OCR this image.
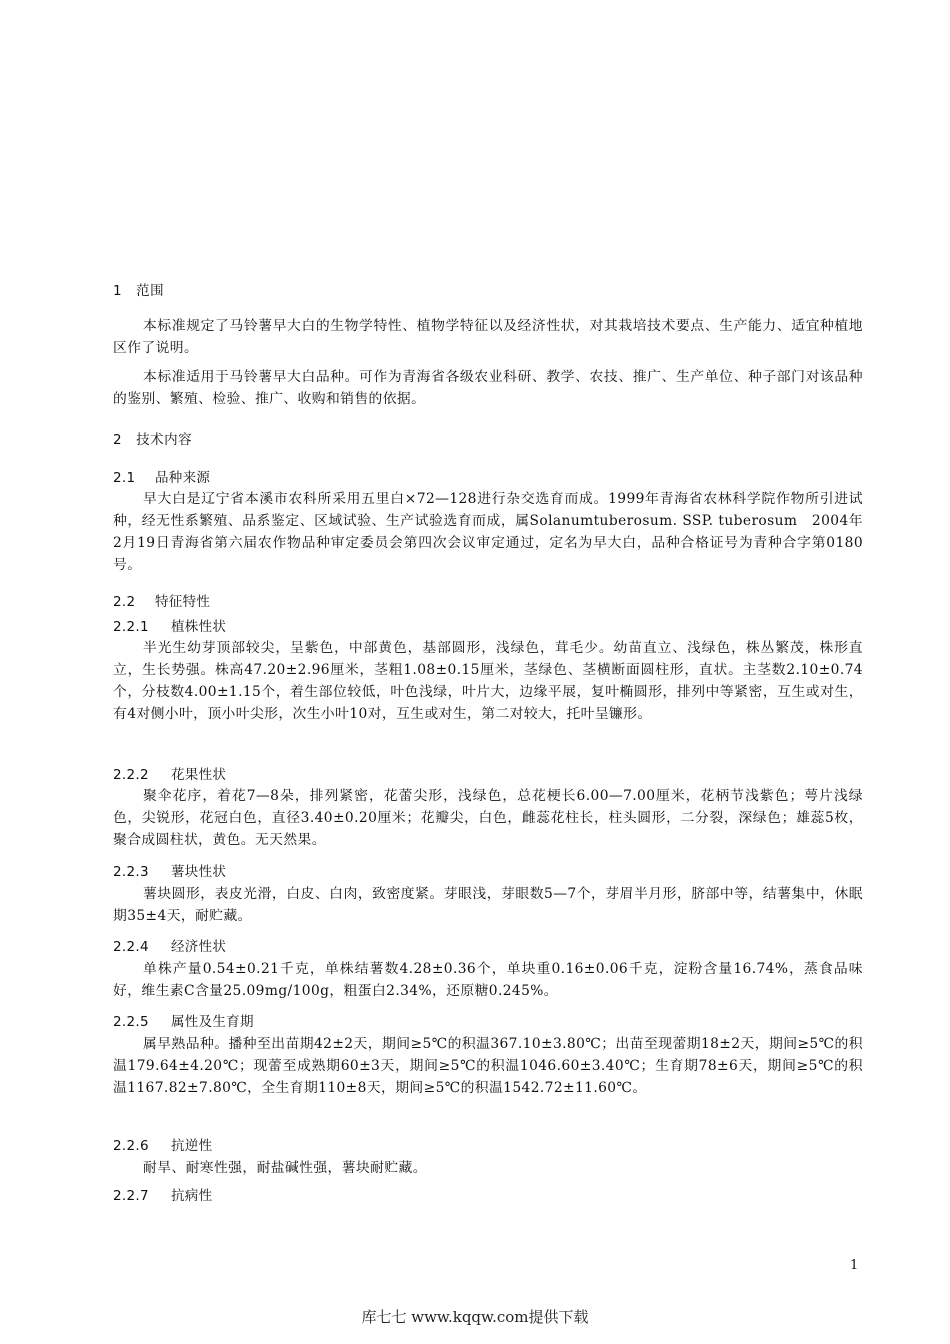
1　范围
本标准规定了马铃薯早大白的生物学特性、植物学特征以及经济性状，对其栽培技术要点、生产能力、适宜种植地区作了说明。
本标准适用于马铃薯早大白品种。可作为青海省各级农业科研、教学、农技、推广、生产单位、种子部门对该品种的鉴别、繁殖、检验、推广、收购和销售的依据。
2　技术内容
2.1 品种来源
早大白是辽宁省本溪市农科所采用五里白×72—128进行杂交选育而成。1999年青海省农林科学院作物所引进试种，经无性系繁殖、品系鉴定、区域试验、生产试验选育而成，属Solanumtuberosum. SSP. tuberosum　2004年2月19日青海省第六届农作物品种审定委员会第四次会议审定通过，定名为早大白，品种合格证号为青种合字第0180号。
2.2 特征特性
2.2.1 植株性状
半光生幼芽顶部较尖，呈紫色，中部黄色，基部圆形，浅绿色，茸毛少。幼苗直立、浅绿色，株丛繁茂，株形直立，生长势强。株高47.20±2.96厘米，茎粗1.08±0.15厘米，茎绿色、茎横断面圆柱形，直状。主茎数2.10±0.74个，分枝数4.00±1.15个，着生部位较低，叶色浅绿，叶片大，边缘平展，复叶椭圆形，排列中等紧密，互生或对生，有4对侧小叶，顶小叶尖形，次生小叶10对，互生或对生，第二对较大，托叶呈镰形。
2.2.2 花果性状
聚伞花序，着花7—8朵，排列紧密，花蕾尖形，浅绿色，总花梗长6.00—7.00厘米，花柄节浅紫色；萼片浅绿色，尖锐形，花冠白色，直径3.40±0.20厘米；花瓣尖，白色，雌蕊花柱长，柱头圆形，二分裂，深绿色；雄蕊5枚，聚合成圆柱状，黄色。无天然果。
2.2.3 薯块性状
薯块圆形，表皮光滑，白皮、白肉，致密度紧。芽眼浅，芽眼数5—7个，芽眉半月形，脐部中等，结薯集中，休眠期35±4天，耐贮藏。
2.2.4 经济性状
单株产量0.54±0.21千克，单株结薯数4.28±0.36个，单块重0.16±0.06千克，淀粉含量16.74%，蒸食品味好，维生素C含量25.09mg/100g，粗蛋白2.34%，还原糖0.245%。
2.2.5 属性及生育期
属早熟品种。播种至出苗期42±2天，期间≥5℃的积温367.10±3.80℃；出苗至现蕾期18±2天，期间≥5℃的积温179.64±4.20℃；现蕾至成熟期60±3天，期间≥5℃的积温1046.60±3.40℃；生育期78±6天，期间≥5℃的积温1167.82±7.80℃，全生育期110±8天，期间≥5℃的积温1542.72±11.60℃。
2.2.6 抗逆性
耐旱、耐寒性强，耐盐碱性强，薯块耐贮藏。
2.2.7 抗病性
1
库七七 www.kqqw.com提供下载
